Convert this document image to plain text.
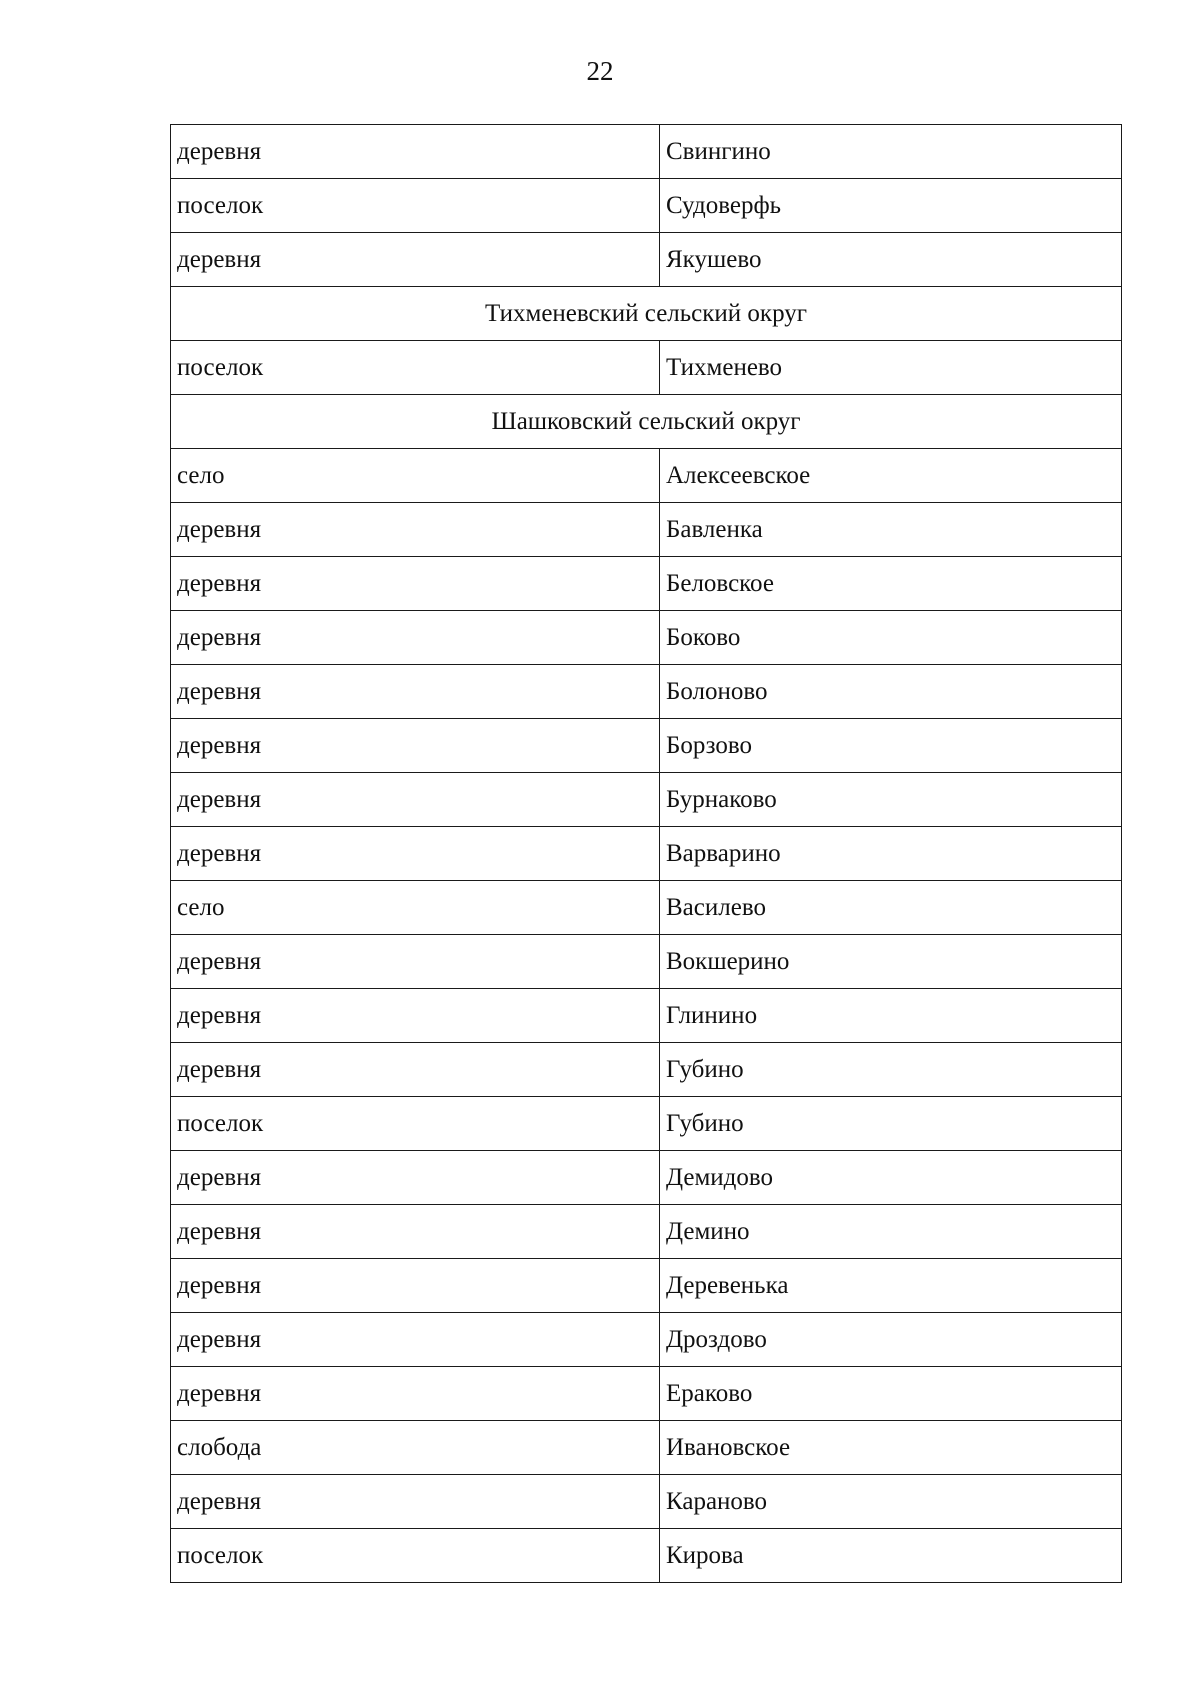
22
деревня	Свингино
поселок	Судоверфь
деревня	Якушево
Тихменевский сельский округ	
поселок	Тихменево
Шашковский сельский округ	
село	Алексеевское
деревня	Бавленка
деревня	Беловское
деревня	Боково
деревня	Болоново
деревня	Борзово
деревня	Бурнаково
деревня	Варварино
село	Василево
деревня	Вокшерино
деревня	Глинино
деревня	Губино
поселок	Губино
деревня	Демидово
деревня	Демино
деревня	Деревенька
деревня	Дроздово
деревня	Ераково
слобода	Ивановское
деревня	Караново
поселок	Кирова
